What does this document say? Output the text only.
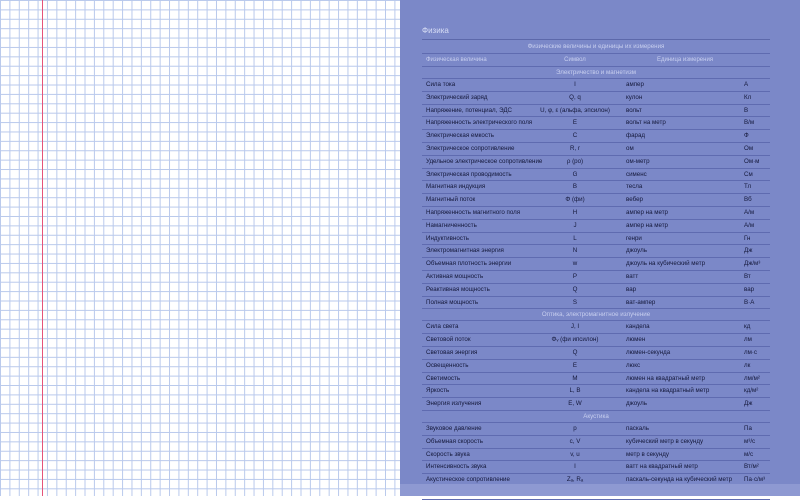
Физика
Физические величины и единицы их измерения
Физическая величина	Символ	Единица измерения
Электричество и магнетизм
Сила тока	I	ампер	А
Электрический заряд	Q, q	кулон	Кл
Напряжение, потенциал, ЭДС	U, φ, ε (альфа, эпсилон)	вольт	В
Напряженность электрического поля	E	вольт на метр	В/м
Электрическая емкость	C	фарад	Ф
Электрическое сопротивление	R, r	ом	Ом
Удельное электрическое сопротивление	ρ (ро)	ом-метр	Ом·м
Электрическая проводимость	G	сименс	См
Магнитная индукция	B	тесла	Тл
Магнитный поток	Φ (фи)	вебер	Вб
Напряженность магнитного поля	H	ампер на метр	А/м
Намагниченность	J	ампер на метр	А/м
Индуктивность	L	генри	Гн
Электромагнитная энергия	N	джоуль	Дж
Объемная плотность энергии	w	джоуль на кубический метр	Дж/м³
Активная мощность	P	ватт	Вт
Реактивная мощность	Q	вар	вар
Полная мощность	S	ват-ампер	В·А
Оптика, электромагнитное излучение
Сила света	J, I	кандела	кд
Световой поток	Φᵥ (фи ипсилон)	люмен	лм
Световая энергия	Q	люмен-секунда	лм·с
Освещенность	E	люкс	лк
Светимость	M	люмен на квадратный метр	лм/м²
Яркость	L, B	кандела на квадратный метр	кд/м²
Энергия излучения	E, W	джоуль	Дж
Акустика
Звуковое давление	p	паскаль	Па
Объемная скорость	c, V	кубический метр в секунду	м³/с
Скорость звука	v, u	метр в секунду	м/с
Интенсивность звука	I	ватт на квадратный метр	Вт/м²
Акустическое сопротивление	Zₐ, Rₐ	паскаль-секунда на кубический метр	Па·с/м³
